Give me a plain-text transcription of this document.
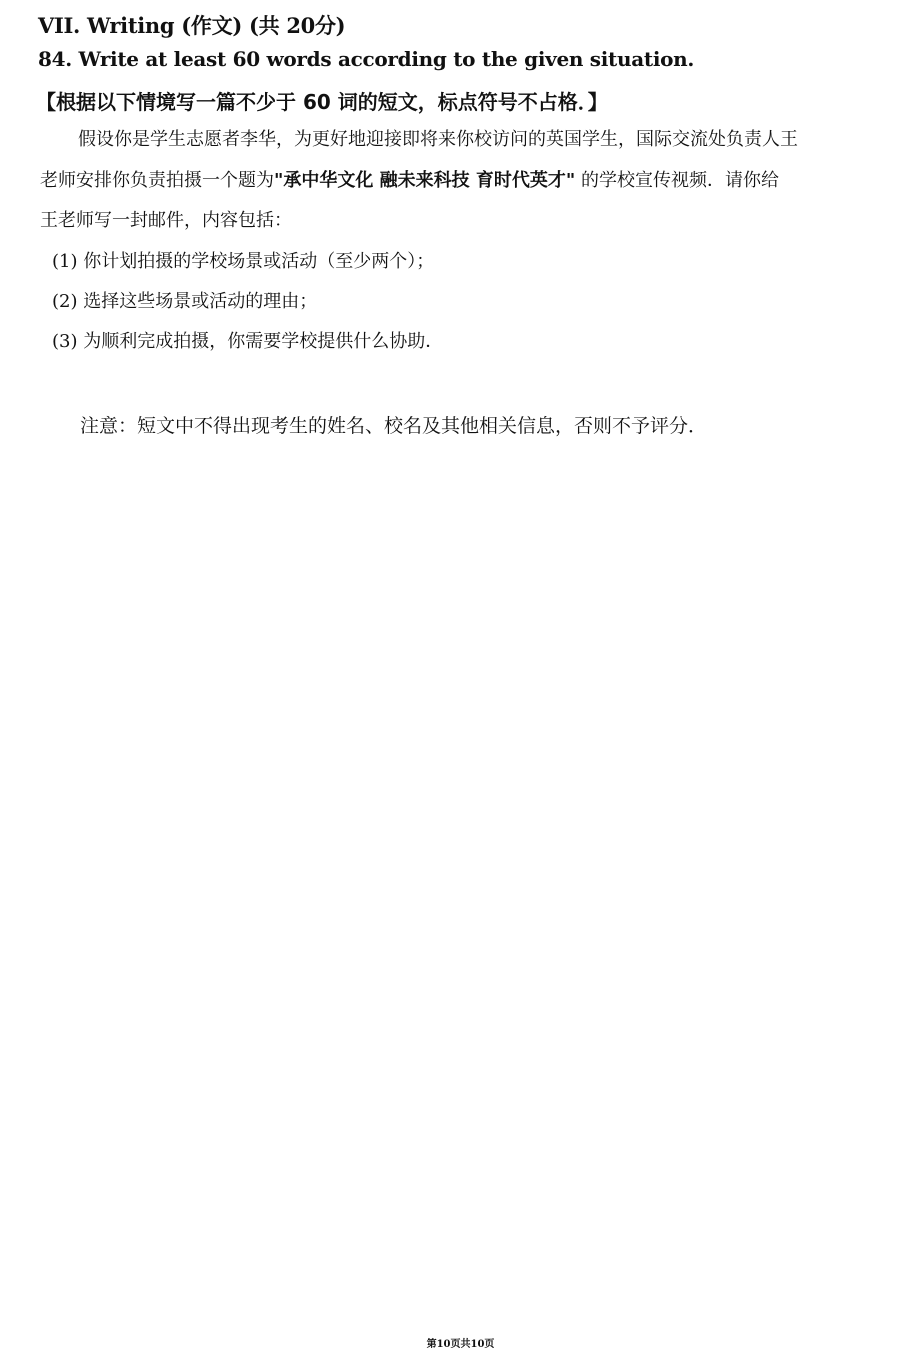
VII. Writing (作文) (共 20分)
84. Write at least 60 words according to the given situation.
【根据以下情境写一篇不少于 60 词的短文，标点符号不占格．】
假设你是学生志愿者李华，为更好地迎接即将来你校访问的英国学生，国际交流处负责人王
老师安排你负责拍摄一个题为"承中华文化 融未来科技 育时代英才" 的学校宣传视频．请你给
王老师写一封邮件，内容包括：
(1) 你计划拍摄的学校场景或活动（至少两个）；
(2) 选择这些场景或活动的理由；
(3) 为顺利完成拍摄，你需要学校提供什么协助．
注意：短文中不得出现考生的姓名、校名及其他相关信息，否则不予评分．
第10页共10页
